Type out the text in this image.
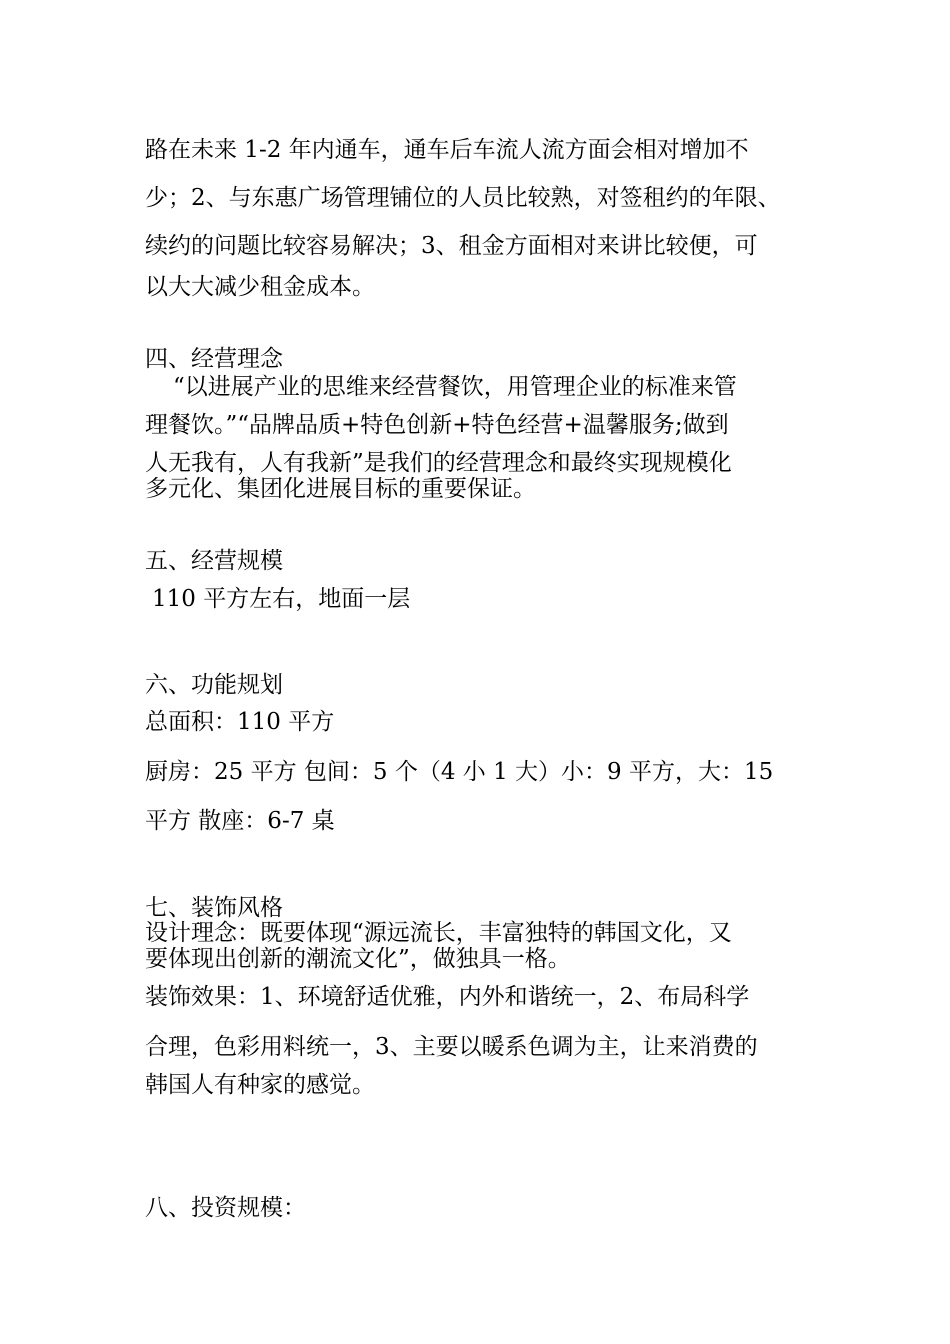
路在未来 1-2 年内通车，通车后车流人流方面会相对增加不

少；2、与东惠广场管理铺位的人员比较熟，对签租约的年限、

续约的问题比较容易解决；3、租金方面相对来讲比较便，可

以大大减少租金成本。

四、经营理念

“以进展产业的思维来经营餐饮，用管理企业的标准来管

理餐饮。”“品牌品质+特色创新+特色经营+温馨服务;做到

人无我有，人有我新”是我们的经营理念和最终实现规模化

多元化、集团化进展目标的重要保证。

五、经营规模

110 平方左右，地面一层

六、功能规划

总面积：110 平方

厨房：25 平方 包间：5 个（4 小 1 大）小：9 平方，大：15

平方 散座：6-7 桌

七、装饰风格

设计理念：既要体现“源远流长，丰富独特的韩国文化，又

要体现出创新的潮流文化”，做独具一格。

装饰效果：1、环境舒适优雅，内外和谐统一，2、布局科学

合理，色彩用料统一，3、主要以暖系色调为主，让来消费的

韩国人有种家的感觉。

八、投资规模：
